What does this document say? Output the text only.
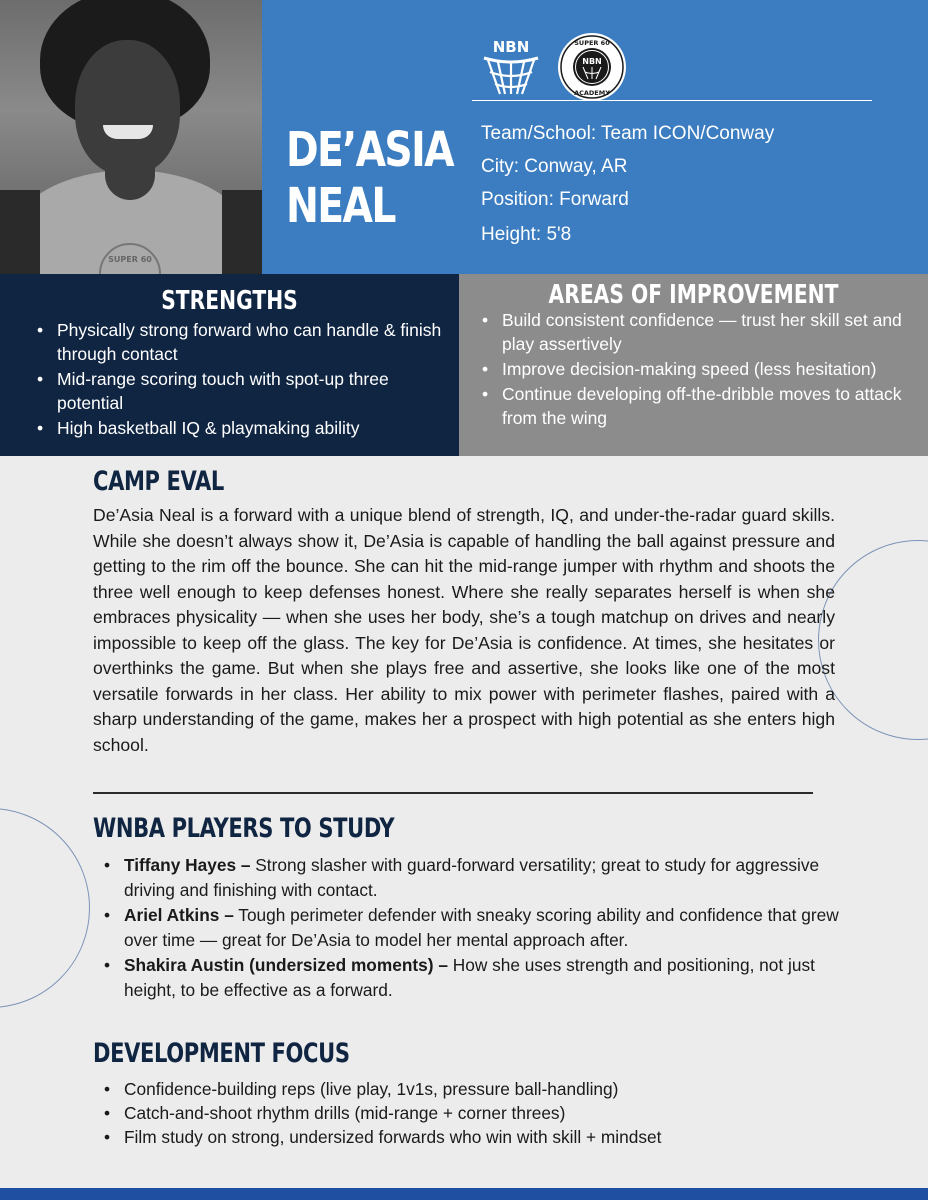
SUPER 60
DE’ASIA
NEAL
NBN
NBN
SUPER 60
ACADEMY
Team/School: Team ICON/Conway
City: Conway, AR
Position: Forward
Height: 5'8
STRENGTHS
• Physically strong forward who can handle & finish through contact
• Mid-range scoring touch with spot-up three potential
• High basketball IQ & playmaking ability
AREAS OF IMPROVEMENT
• Build consistent confidence — trust her skill set and play assertively
• Improve decision-making speed (less hesitation)
• Continue developing off-the-dribble moves to attack from the wing
CAMP EVAL
De’Asia Neal is a forward with a unique blend of strength, IQ, and under-the-radar guard skills. While she doesn’t always show it, De’Asia is capable of handling the ball against pressure and getting to the rim off the bounce. She can hit the mid-range jumper with rhythm and shoots the three well enough to keep defenses honest. Where she really separates herself is when she embraces physicality — when she uses her body, she’s a tough matchup on drives and nearly impossible to keep off the glass. The key for De’Asia is confidence. At times, she hesitates or overthinks the game. But when she plays free and assertive, she looks like one of the most versatile forwards in her class. Her ability to mix power with perimeter flashes, paired with a sharp understanding of the game, makes her a prospect with high potential as she enters high school.
WNBA PLAYERS TO STUDY
• Tiffany Hayes – Strong slasher with guard-forward versatility; great to study for aggressive driving and finishing with contact.
• Ariel Atkins – Tough perimeter defender with sneaky scoring ability and confidence that grew over time — great for De’Asia to model her mental approach after.
• Shakira Austin (undersized moments) – How she uses strength and positioning, not just height, to be effective as a forward.
DEVELOPMENT FOCUS
• Confidence-building reps (live play, 1v1s, pressure ball-handling)
• Catch-and-shoot rhythm drills (mid-range + corner threes)
• Film study on strong, undersized forwards who win with skill + mindset
